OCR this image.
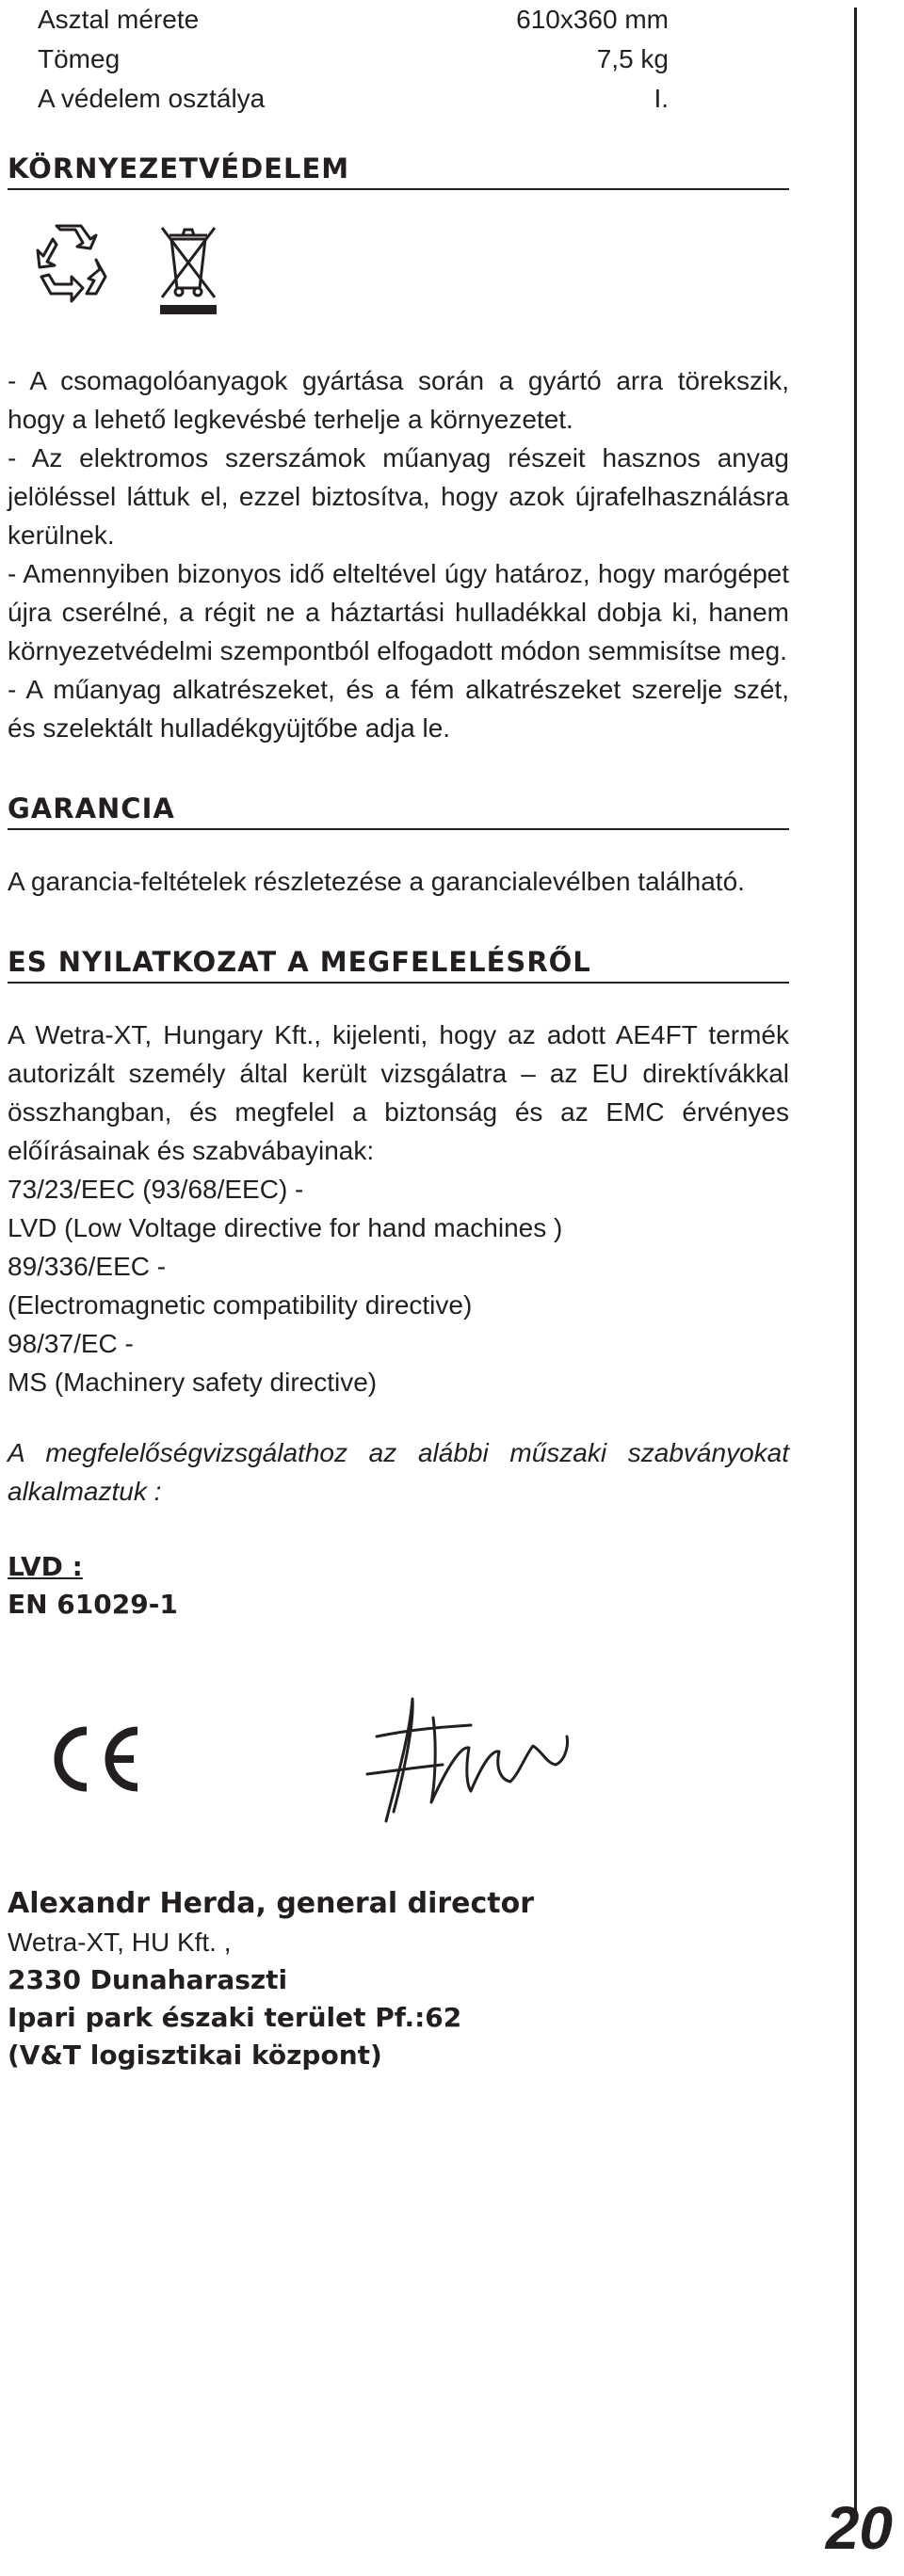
Asztal mérete	610x360 mm
Tömeg	7,5 kg
A védelem osztálya	I.
KÖRNYEZETVÉDELEM

- A csomagolóanyagok gyártása során a gyártó arra törekszik, hogy a lehető legkevésbé terhelje a környezetet.

- Az elektromos szerszámok műanyag részeit hasznos anyag jelöléssel láttuk el, ezzel biztosítva, hogy azok újrafelhasználásra kerülnek.

- Amennyiben bizonyos idő elteltével úgy határoz, hogy marógépet újra cserélné, a régit ne a háztartási hulladékkal dobja ki, hanem környezetvédelmi szempontból elfogadott módon semmisítse meg.

- A műanyag alkatrészeket, és a fém alkatrészeket szerelje szét, és szelektált hulladékgyüjtőbe adja le.

GARANCIA

A garancia-feltételek részletezése a garancialevélben található.

ES NYILATKOZAT A MEGFELELÉSRŐL

A Wetra-XT, Hungary Kft., kijelenti, hogy az adott AE4FT termék autorizált személy által került vizsgálatra – az EU direktívákkal összhangban, és megfelel a biztonság és az EMC érvényes előírásainak és szabvábayinak:

73/23/EEC (93/68/EEC) -

LVD (Low Voltage directive for hand machines )

89/336/EEC -

(Electromagnetic compatibility directive)

98/37/EC -

MS (Machinery safety directive)

A megfelelőségvizsgálathoz az alábbi műszaki szabványokat alkalmaztuk :

LVD :
EN 61029-1
Alexandr Herda, general director
Wetra-XT, HU Kft. ,
2330 Dunaharaszti
Ipari park északi terület Pf.:62
(V&T logisztikai központ)
20
